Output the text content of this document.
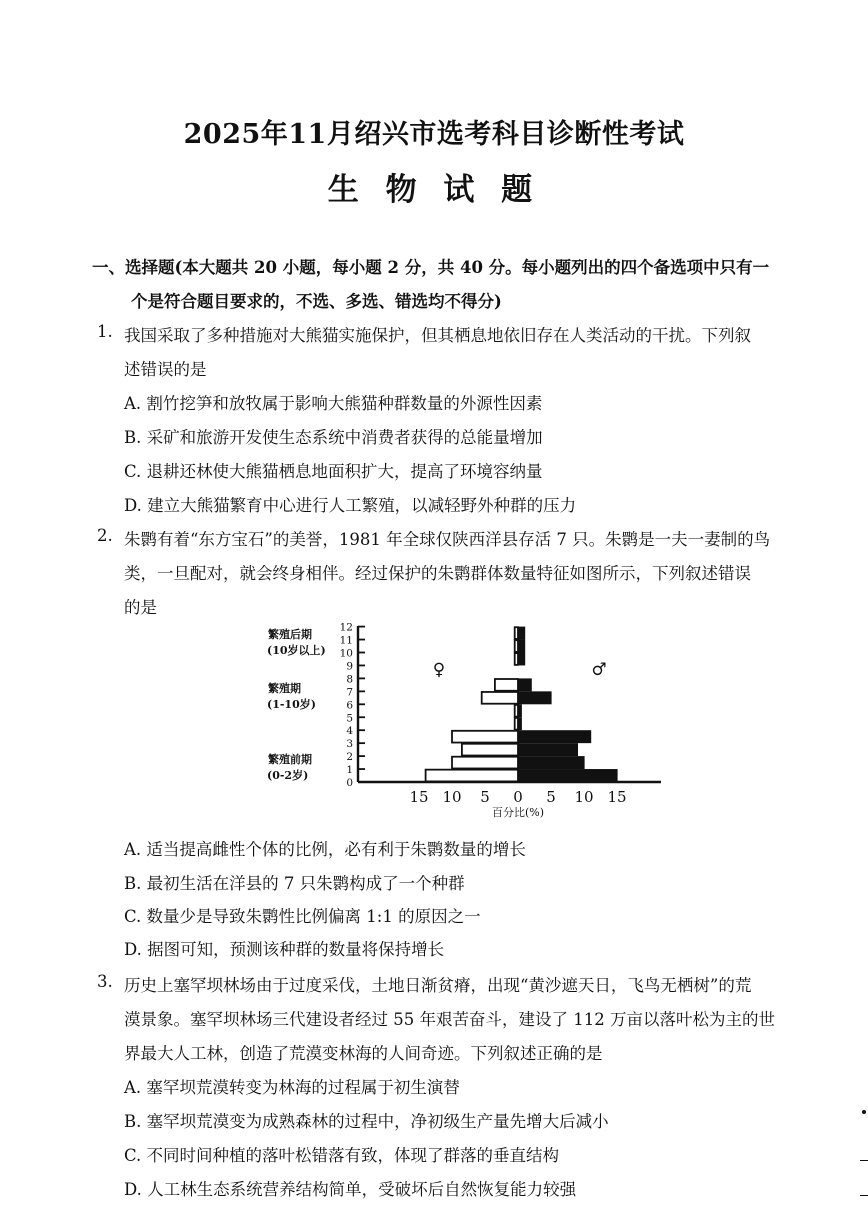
2025年11月绍兴市选考科目诊断性考试
生 物 试 题
一、选择题(本大题共 20 小题，每小题 2 分，共 40 分。每小题列出的四个备选项中只有一
个是符合题目要求的，不选、多选、错选均不得分)
1. 我国采取了多种措施对大熊猫实施保护，但其栖息地依旧存在人类活动的干扰。下列叙
述错误的是
A. 割竹挖笋和放牧属于影响大熊猫种群数量的外源性因素
B. 采矿和旅游开发使生态系统中消费者获得的总能量增加
C. 退耕还林使大熊猫栖息地面积扩大，提高了环境容纳量
D. 建立大熊猫繁育中心进行人工繁殖，以减轻野外种群的压力
2. 朱鹮有着“东方宝石”的美誉，1981 年全球仅陕西洋县存活 7 只。朱鹮是一夫一妻制的鸟
类，一旦配对，就会终身相伴。经过保护的朱鹮群体数量特征如图所示，下列叙述错误
的是
繁殖后期
(10岁以上)
繁殖期
(1-10岁)
繁殖前期
(0-2岁)
0
1
2
3
4
5
6
7
8
9
10
11
12
15 10 5 0 5 10 15
♀	♂
百分比(%)
A. 适当提高雌性个体的比例，必有利于朱鹮数量的增长
B. 最初生活在洋县的 7 只朱鹮构成了一个种群
C. 数量少是导致朱鹮性比例偏离 1:1 的原因之一
D. 据图可知，预测该种群的数量将保持增长
3. 历史上塞罕坝林场由于过度采伐，土地日渐贫瘠，出现“黄沙遮天日，飞鸟无栖树”的荒
漠景象。塞罕坝林场三代建设者经过 55 年艰苦奋斗，建设了 112 万亩以落叶松为主的世
界最大人工林，创造了荒漠变林海的人间奇迹。下列叙述正确的是
A. 塞罕坝荒漠转变为林海的过程属于初生演替
B. 塞罕坝荒漠变为成熟森林的过程中，净初级生产量先增大后减小
C. 不同时间种植的落叶松错落有致，体现了群落的垂直结构
D. 人工林生态系统营养结构简单，受破坏后自然恢复能力较强
